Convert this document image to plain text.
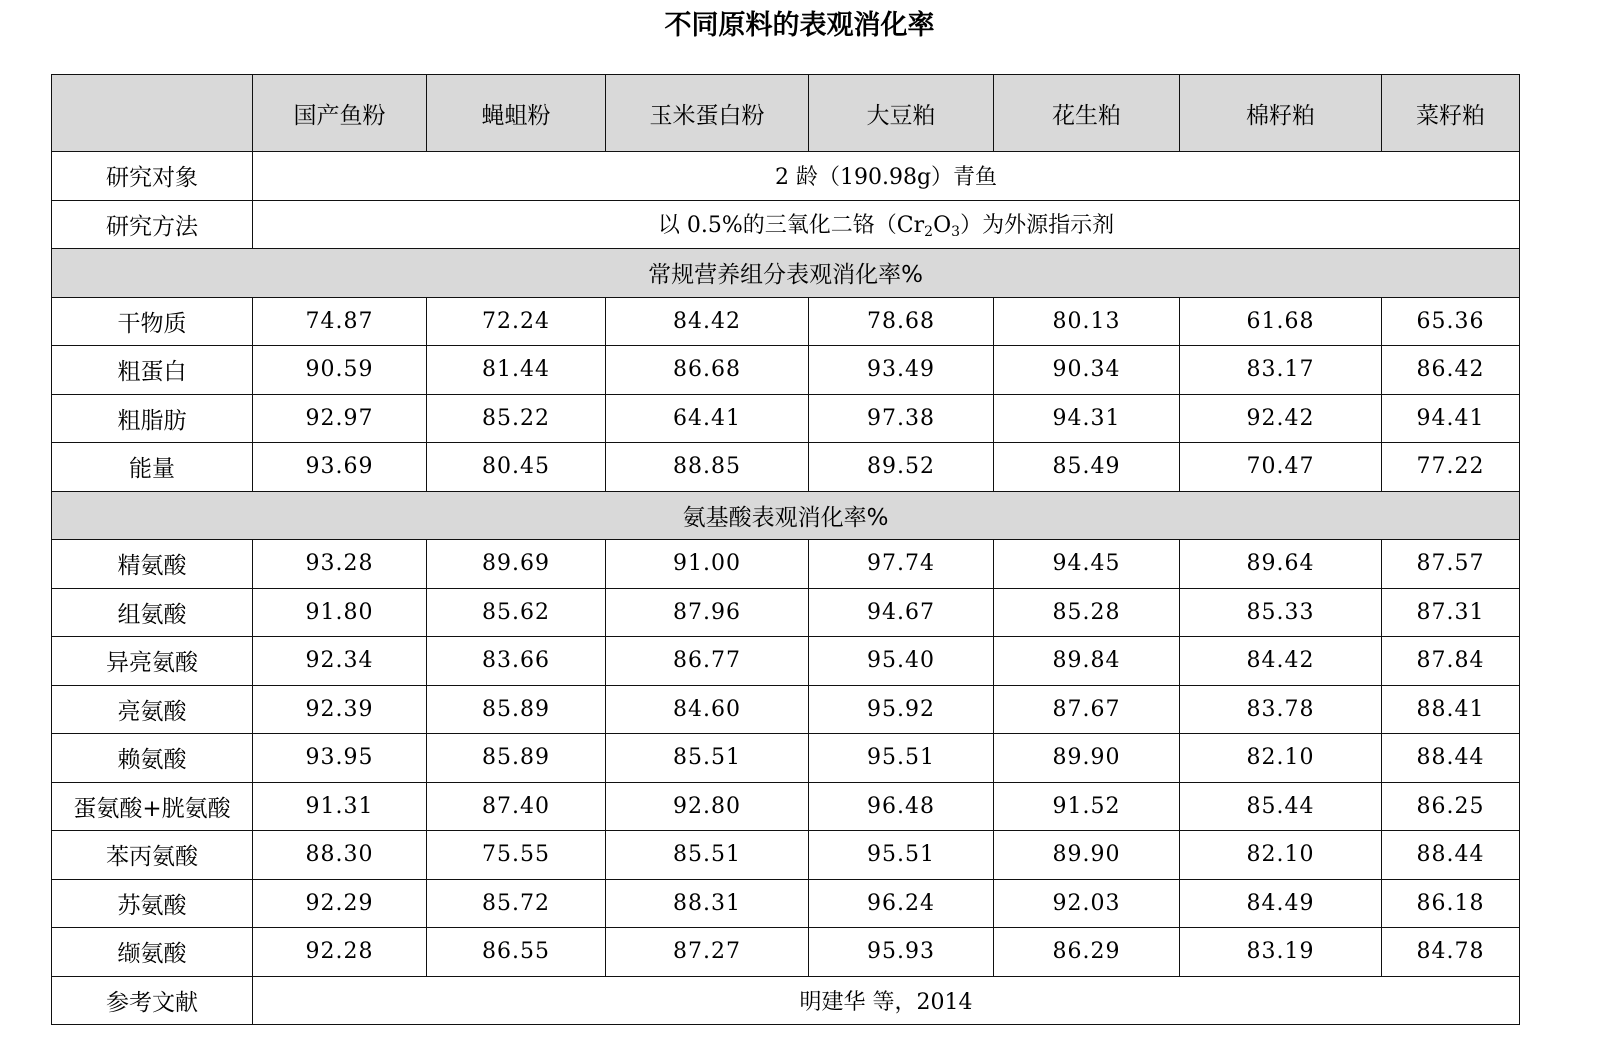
不同原料的表观消化率
	国产鱼粉	蝇蛆粉	玉米蛋白粉	大豆粕	花生粕	棉籽粕	菜籽粕
研究对象	2 龄（190.98g）青鱼						
研究方法	以 0.5%的三氧化二铬$(Cr_2O_3)$为外源指示剂						
常规营养组分表观消化率%							
干物质	74.87	72.24	84.42	78.68	80.13	61.68	65.36
粗蛋白	90.59	81.44	86.68	93.49	90.34	83.17	86.42
粗脂肪	92.97	85.22	64.41	97.38	94.31	92.42	94.41
能量	93.69	80.45	88.85	89.52	85.49	70.47	77.22
氨基酸表观消化率%							
精氨酸	93.28	89.69	91.00	97.74	94.45	89.64	87.57
组氨酸	91.80	85.62	87.96	94.67	85.28	85.33	87.31
异亮氨酸	92.34	83.66	86.77	95.40	89.84	84.42	87.84
亮氨酸	92.39	85.89	84.60	95.92	87.67	83.78	88.41
赖氨酸	93.95	85.89	85.51	95.51	89.90	82.10	88.44
蛋氨酸+胱氨酸	91.31	87.40	92.80	96.48	91.52	85.44	86.25
苯丙氨酸	88.30	75.55	85.51	95.51	89.90	82.10	88.44
苏氨酸	92.29	85.72	88.31	96.24	92.03	84.49	86.18
缬氨酸	92.28	86.55	87.27	95.93	86.29	83.19	84.78
参考文献	明建华 等，2014						
